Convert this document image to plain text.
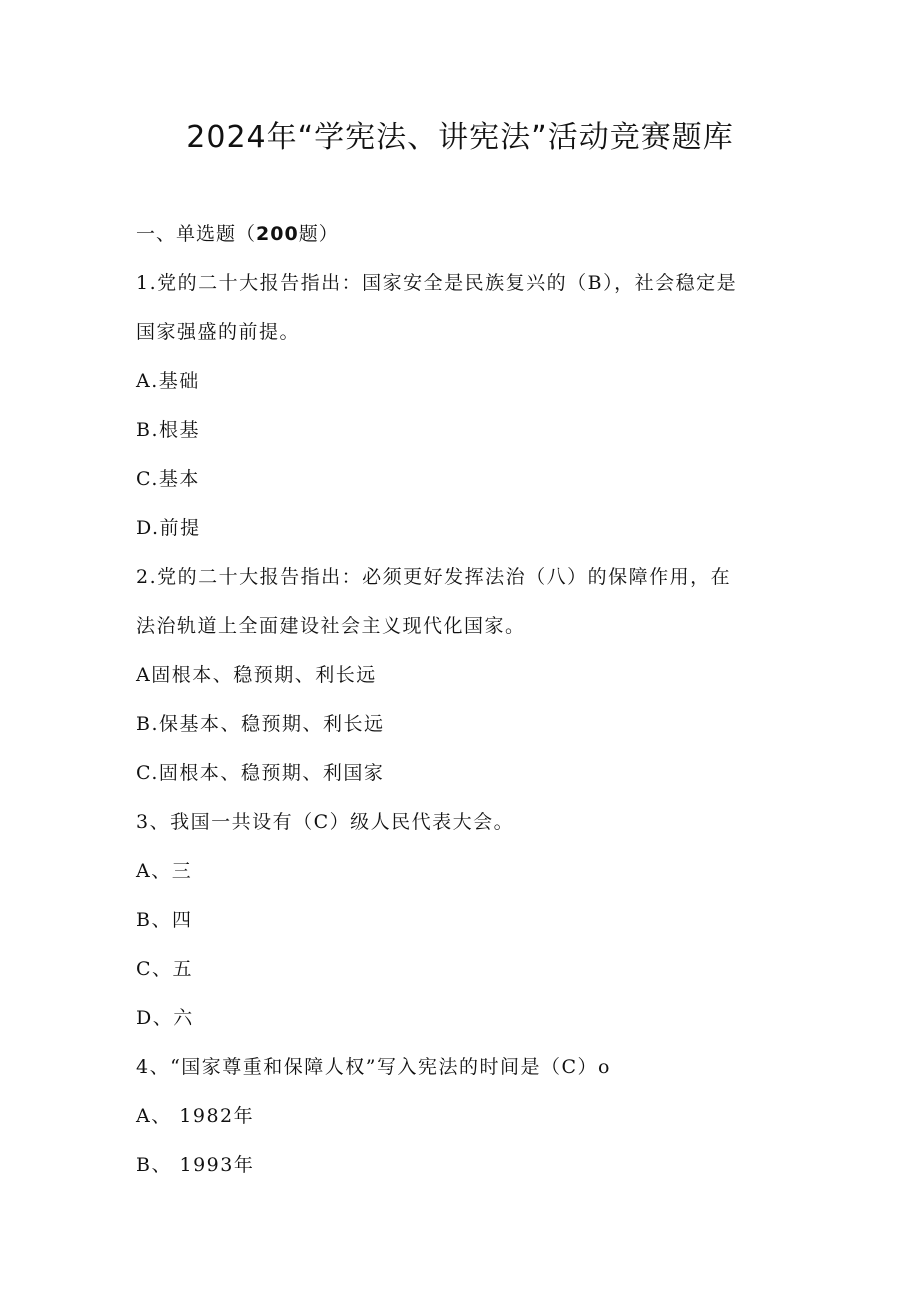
2024年“学宪法、讲宪法”活动竞赛题库
一、单选题（200题）
1.党的二十大报告指出：国家安全是民族复兴的（B），社会稳定是
国家强盛的前提。
A.基础
B.根基
C.基本
D.前提
2.党的二十大报告指出：必须更好发挥法治（八）的保障作用，在
法治轨道上全面建设社会主义现代化国家。
A固根本、稳预期、利长远
B.保基本、稳预期、利长远
C.固根本、稳预期、利国家
3、我国一共设有（C）级人民代表大会。
A、三
B、四
C、五
D、六
4、“国家尊重和保障人权”写入宪法的时间是（C）o
A、 1982年
B、 1993年
